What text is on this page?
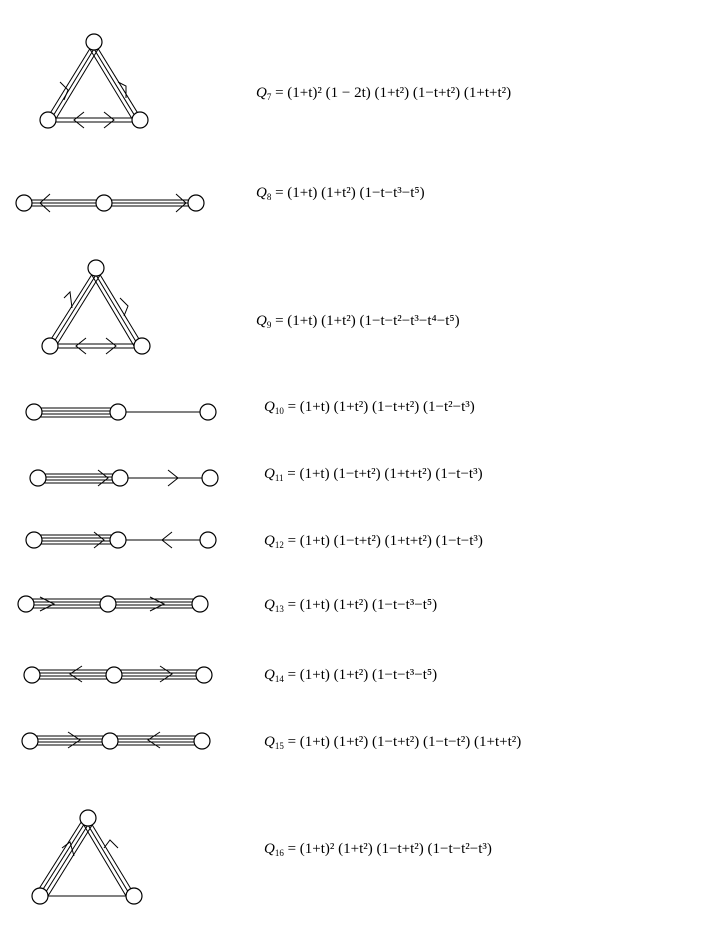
$Q_7 = (1+t)^2$ (1 − 2t) (1+t²) (1−t+t²) (1+t+t²)
$Q_8 = (1+t)$ (1+t²) (1−t−t³−t⁵)
$Q_9 = (1+t)$ (1+t²) (1−t−t²−t³−t⁴−t⁵)
$Q_{10} = (1+t)$ (1+t²) (1−t+t²) (1−t²−t³)
$Q_{11} = (1+t)$ (1−t+t²) (1+t+t²) (1−t−t³)
$Q_{12} = (1+t)$ (1−t+t²) (1+t+t²) (1−t−t³)
$Q_{13} = (1+t)$ (1+t²) (1−t−t³−t⁵)
$Q_{14} = (1+t)$ (1+t²) (1−t−t³−t⁵)
$Q_{15} = (1+t)$ (1+t²) (1−t+t²) (1−t−t²) (1+t+t²)
$Q_{16} = (1+t)^2$ (1+t²) (1−t+t²) (1−t−t²−t³)
